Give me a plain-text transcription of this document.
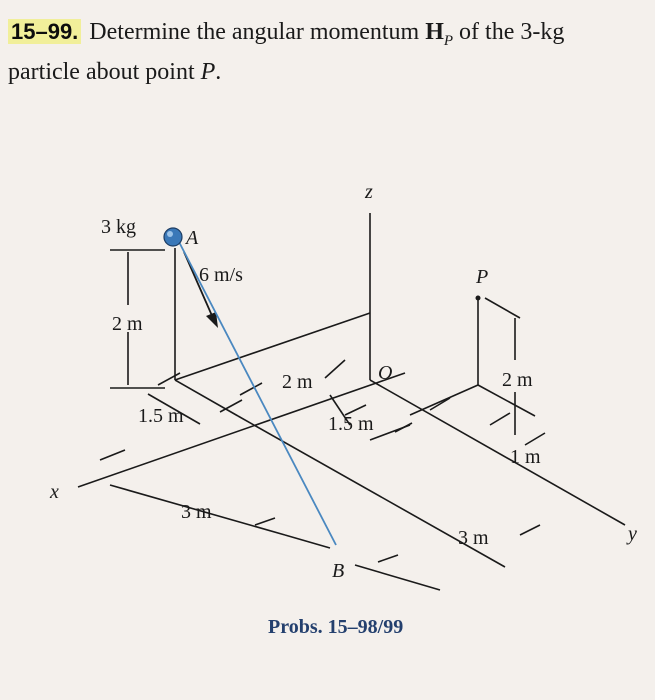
15–99. Determine the angular momentum $H_P$ of the 3-kg
particle about point P.
3 kg	A
6 m/s
2 m
1.5 m
2 m	O
1.5 m
P
2 m
1 m
3 m
3 m
B
x
y
z
Probs. 15–98/99
